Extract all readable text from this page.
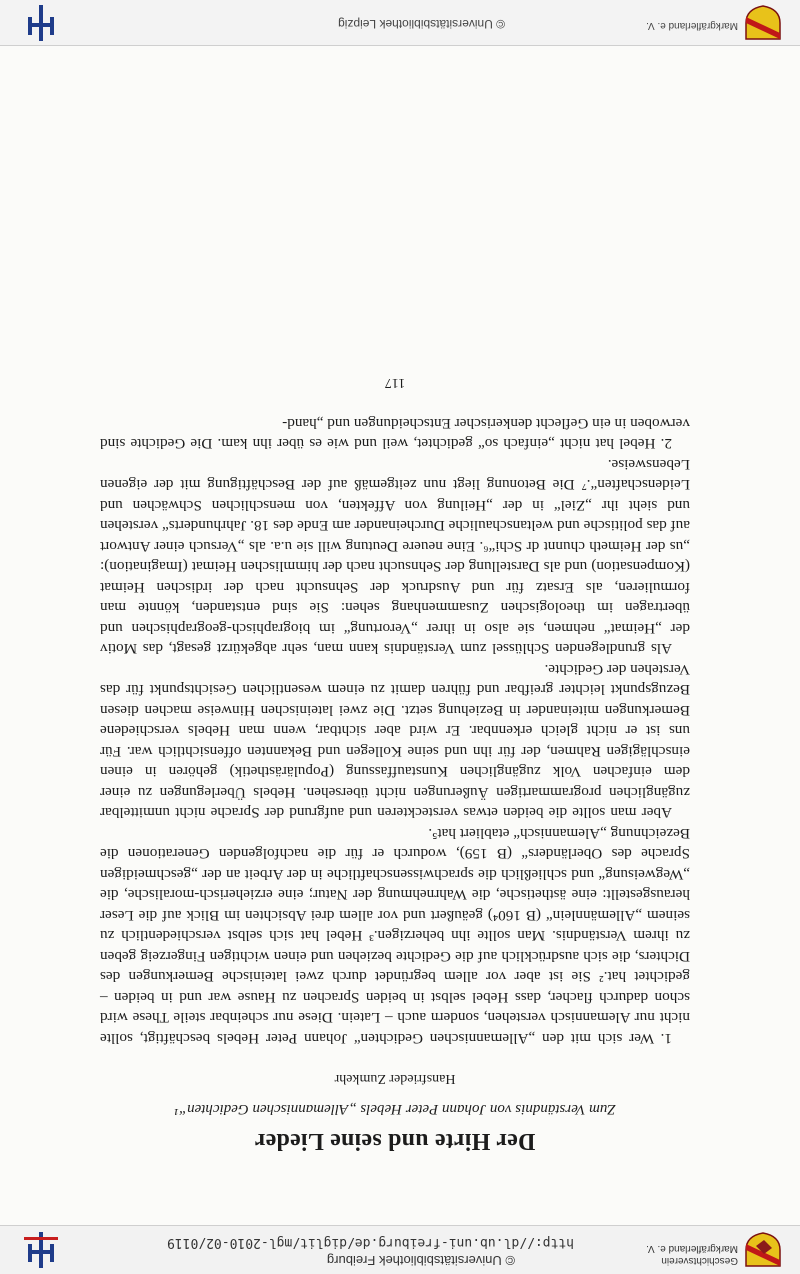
Geschichtsverein
Markgräflerland e. V.
© Universitätsbibliothek Freiburg
http://dl.ub.uni-freiburg.de/diglit/mgl-2010-02/0119
Der Hirte und seine Lieder

Zum Verständnis von Johann Peter Hebels „Allemannischen Gedichten“¹

Hansfrieder Zumkehr

1. Wer sich mit den „Allemannischen Gedichten“ Johann Peter Hebels beschäftigt, sollte nicht nur Alemannisch verstehen, sondern auch – Latein. Diese nur scheinbar steile These wird schon dadurch flacher, dass Hebel selbst in beiden Sprachen zu Hause war und in beiden – gedichtet hat.² Sie ist aber vor allem begründet durch zwei lateinische Bemerkungen des Dichters, die sich ausdrücklich auf die Gedichte beziehen und einen wichtigen Fingerzeig geben zu ihrem Verständnis. Man sollte ihn beherzigen.³ Hebel hat sich selbst verschiedentlich zu seinem „Allemännlein“ (B 160⁴) geäußert und vor allem drei Absichten im Blick auf die Leser herausgestellt: eine ästhetische, die Wahrnehmung der Natur; eine erzieherisch-moralische, die „Wegweisung“ und schließlich die sprachwissenschaftliche in der Arbeit an der „geschmeidigen Sprache des Oberländers“ (B 159), wodurch er für die nachfolgenden Generationen die Bezeichnung „Alemannisch“ etabliert hat⁵.

Aber man sollte die beiden etwas versteckteren und aufgrund der Sprache nicht unmittelbar zugänglichen programmartigen Äußerungen nicht übersehen. Hebels Überlegungen zu einer dem einfachen Volk zugänglichen Kunstauffassung (Populärästhetik) gehören in einen einschlägigen Rahmen, der für ihn und seine Kollegen und Bekannten offensichtlich war. Für uns ist er nicht gleich erkennbar. Er wird aber sichtbar, wenn man Hebels verschiedene Bemerkungen miteinander in Beziehung setzt. Die zwei lateinischen Hinweise machen diesen Bezugspunkt leichter greifbar und führen damit zu einem wesentlichen Gesichtspunkt für das Verstehen der Gedichte.

Als grundlegenden Schlüssel zum Verständnis kann man, sehr abgekürzt gesagt, das Motiv der „Heimat“ nehmen, sie also in ihrer „Verortung“ im biographisch-geographischen und übertragen im theologischen Zusammenhang sehen: Sie sind entstanden, könnte man formulieren, als Ersatz für und Ausdruck der Sehnsucht nach der irdischen Heimat (Kompensation) und als Darstellung der Sehnsucht nach der himmlischen Heimat (Imagination): „us der Heimeth chunnt dr Schi“⁶. Eine neuere Deutung will sie u.a. als „Versuch einer Antwort auf das politische und weltanschauliche Durcheinander am Ende des 18. Jahrhunderts“ verstehen und sieht ihr „Ziel“ in der „Heilung von Affekten, von menschlichen Schwächen und Leidenschaften“.⁷ Die Betonung liegt nun zeitgemäß auf der Beschäftigung mit der eigenen Lebensweise.

2. Hebel hat nicht „einfach so“ gedichtet, weil und wie es über ihn kam. Die Gedichte sind verwoben in ein Geflecht denkerischer Entscheidungen und „hand-

117
Markgräflerland e. V.
© Universitätsbibliothek Leipzig
